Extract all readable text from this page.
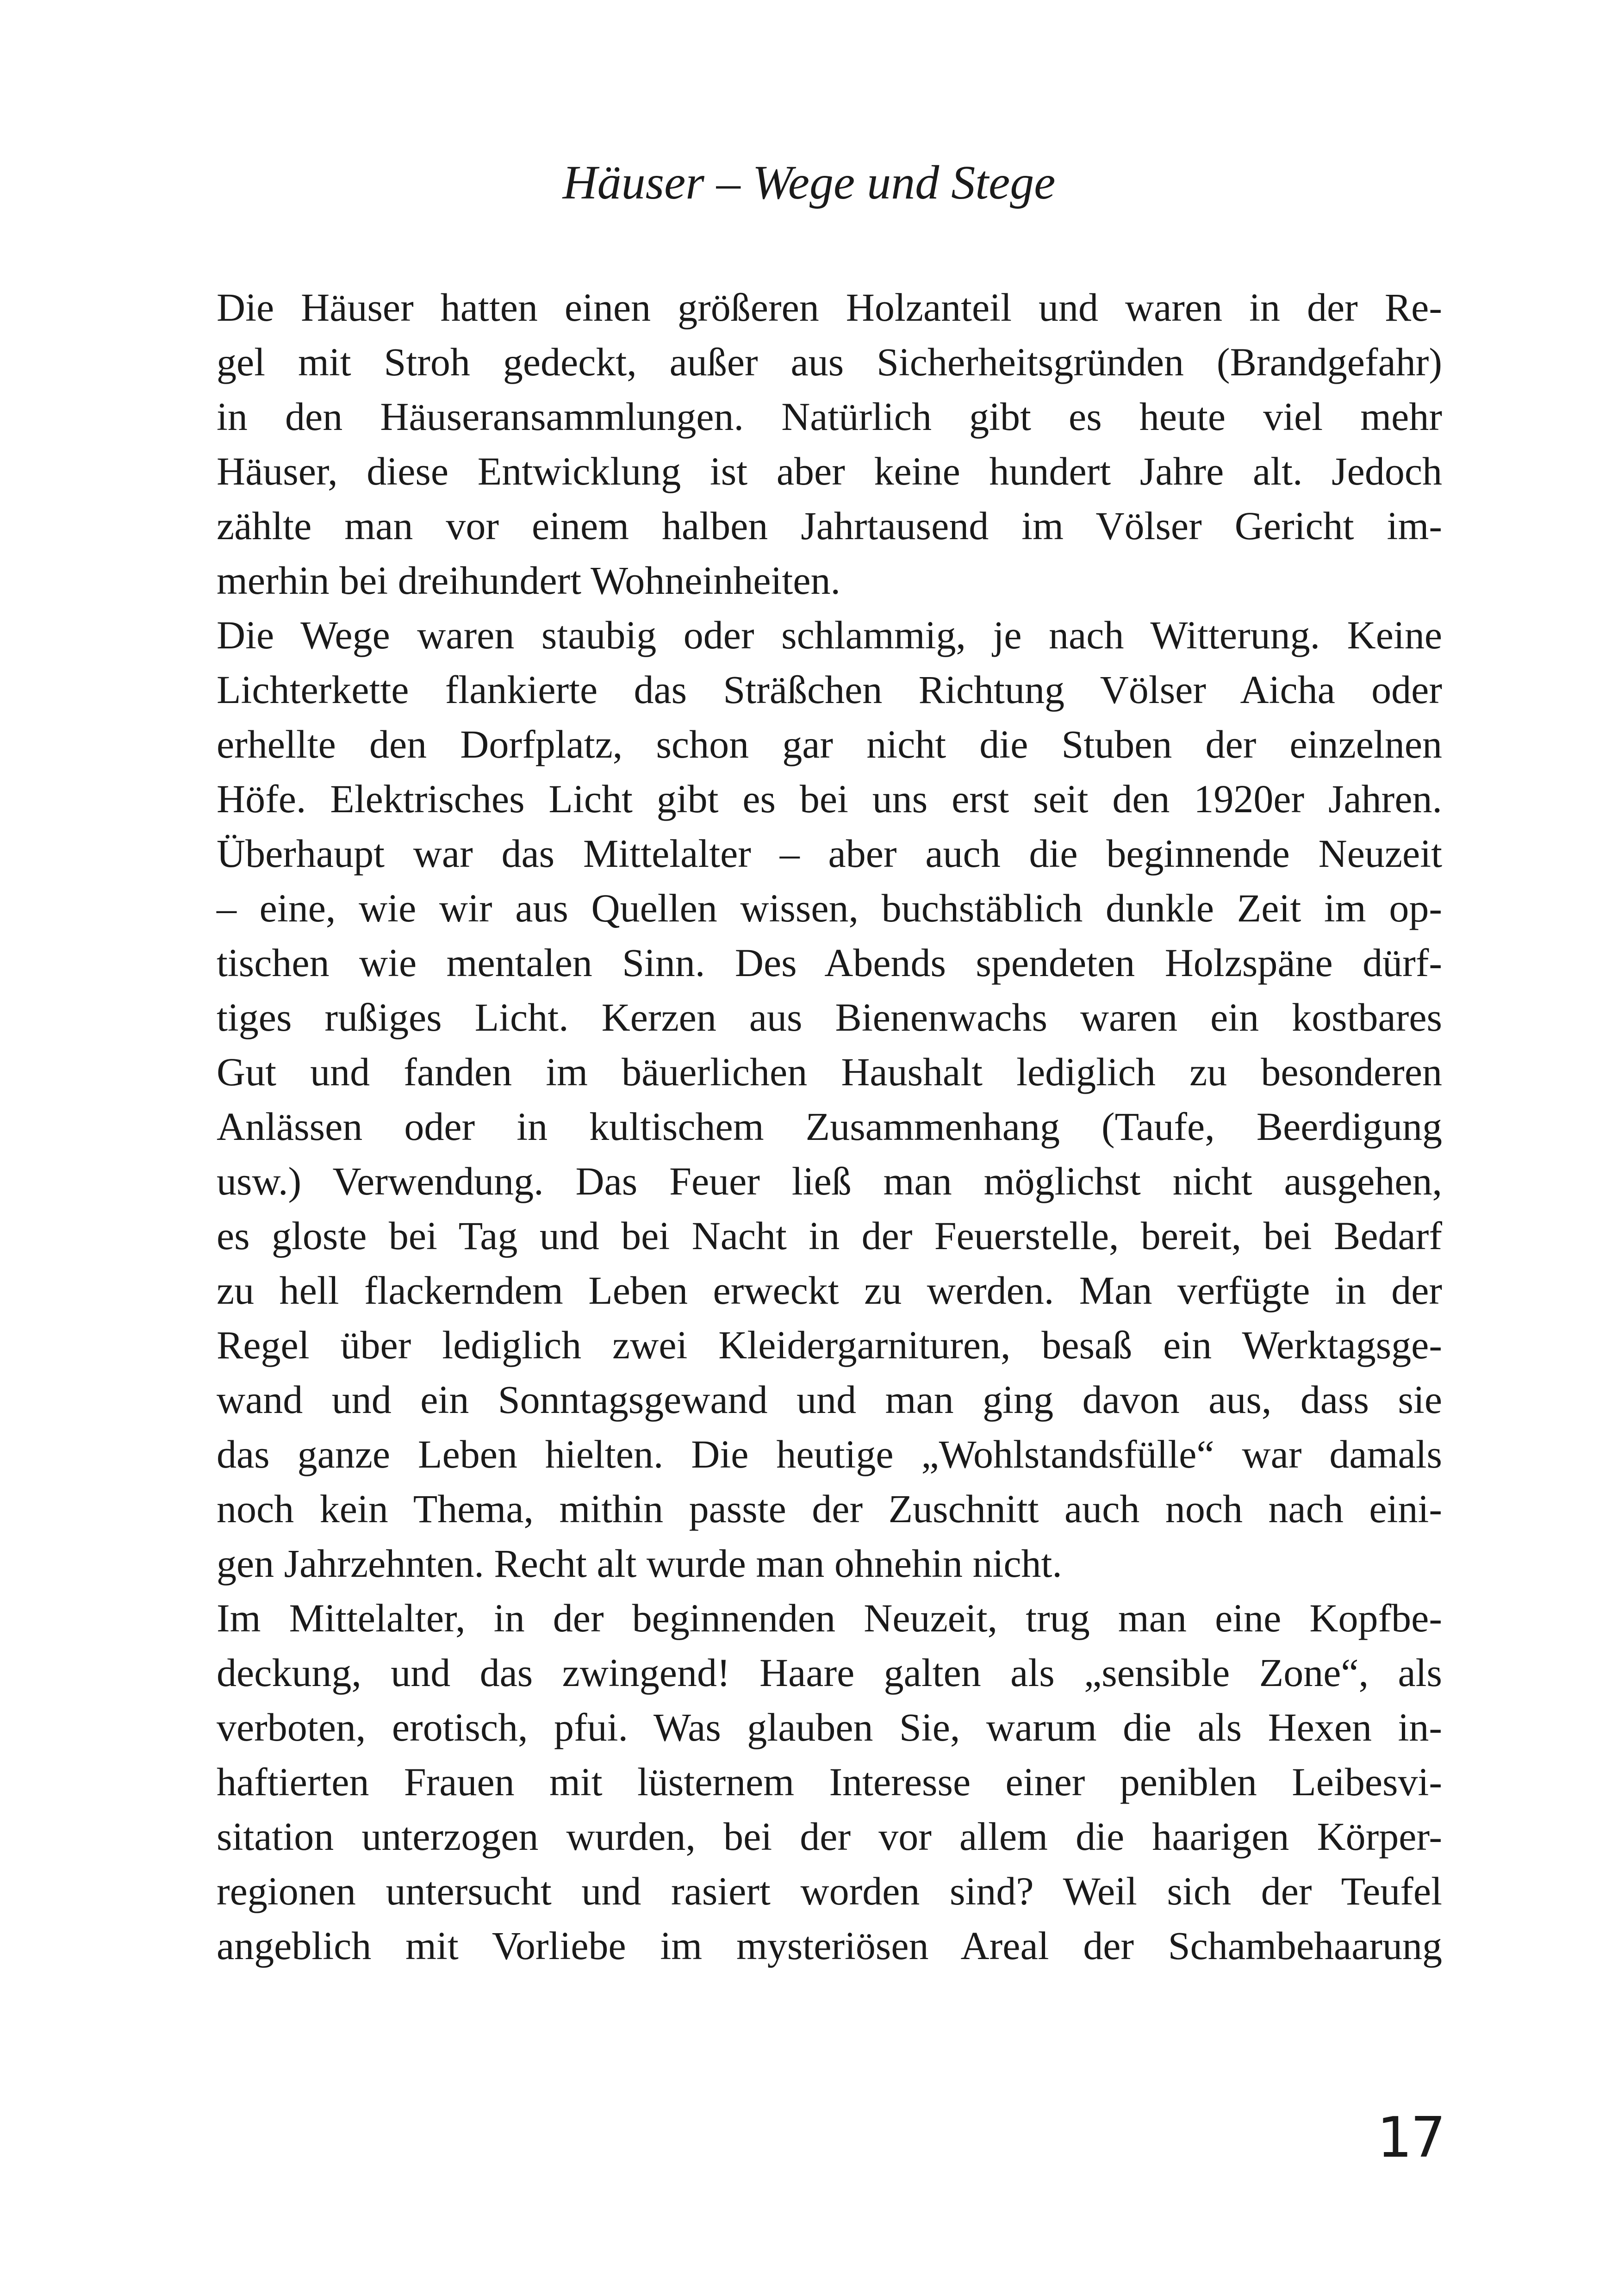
Häuser – Wege und Stege
Die Häuser hatten einen größeren Holzanteil und waren in der Re-
gel mit Stroh gedeckt, außer aus Sicherheitsgründen (Brandgefahr)
in den Häuseransammlungen. Natürlich gibt es heute viel mehr
Häuser, diese Entwicklung ist aber keine hundert Jahre alt. Jedoch
zählte man vor einem halben Jahrtausend im Völser Gericht im-
merhin bei dreihundert Wohneinheiten.
Die Wege waren staubig oder schlammig, je nach Witterung. Keine
Lichterkette flankierte das Sträßchen Richtung Völser Aicha oder
erhellte den Dorfplatz, schon gar nicht die Stuben der einzelnen
Höfe. Elektrisches Licht gibt es bei uns erst seit den 1920er Jahren.
Überhaupt war das Mittelalter – aber auch die beginnende Neuzeit
– eine, wie wir aus Quellen wissen, buchstäblich dunkle Zeit im op-
tischen wie mentalen Sinn. Des Abends spendeten Holzspäne dürf-
tiges rußiges Licht. Kerzen aus Bienenwachs waren ein kostbares
Gut und fanden im bäuerlichen Haushalt lediglich zu besonderen
Anlässen oder in kultischem Zusammenhang (Taufe, Beerdigung
usw.) Verwendung. Das Feuer ließ man möglichst nicht ausgehen,
es gloste bei Tag und bei Nacht in der Feuerstelle, bereit, bei Bedarf
zu hell flackerndem Leben erweckt zu werden. Man verfügte in der
Regel über lediglich zwei Kleidergarnituren, besaß ein Werktagsge-
wand und ein Sonntagsgewand und man ging davon aus, dass sie
das ganze Leben hielten. Die heutige „Wohlstandsfülle“ war damals
noch kein Thema, mithin passte der Zuschnitt auch noch nach eini-
gen Jahrzehnten. Recht alt wurde man ohnehin nicht.
Im Mittelalter, in der beginnenden Neuzeit, trug man eine Kopfbe-
deckung, und das zwingend! Haare galten als „sensible Zone“, als
verboten, erotisch, pfui. Was glauben Sie, warum die als Hexen in-
haftierten Frauen mit lüsternem Interesse einer peniblen Leibesvi-
sitation unterzogen wurden, bei der vor allem die haarigen Körper-
regionen untersucht und rasiert worden sind? Weil sich der Teufel
angeblich mit Vorliebe im mysteriösen Areal der Schambehaarung
17
